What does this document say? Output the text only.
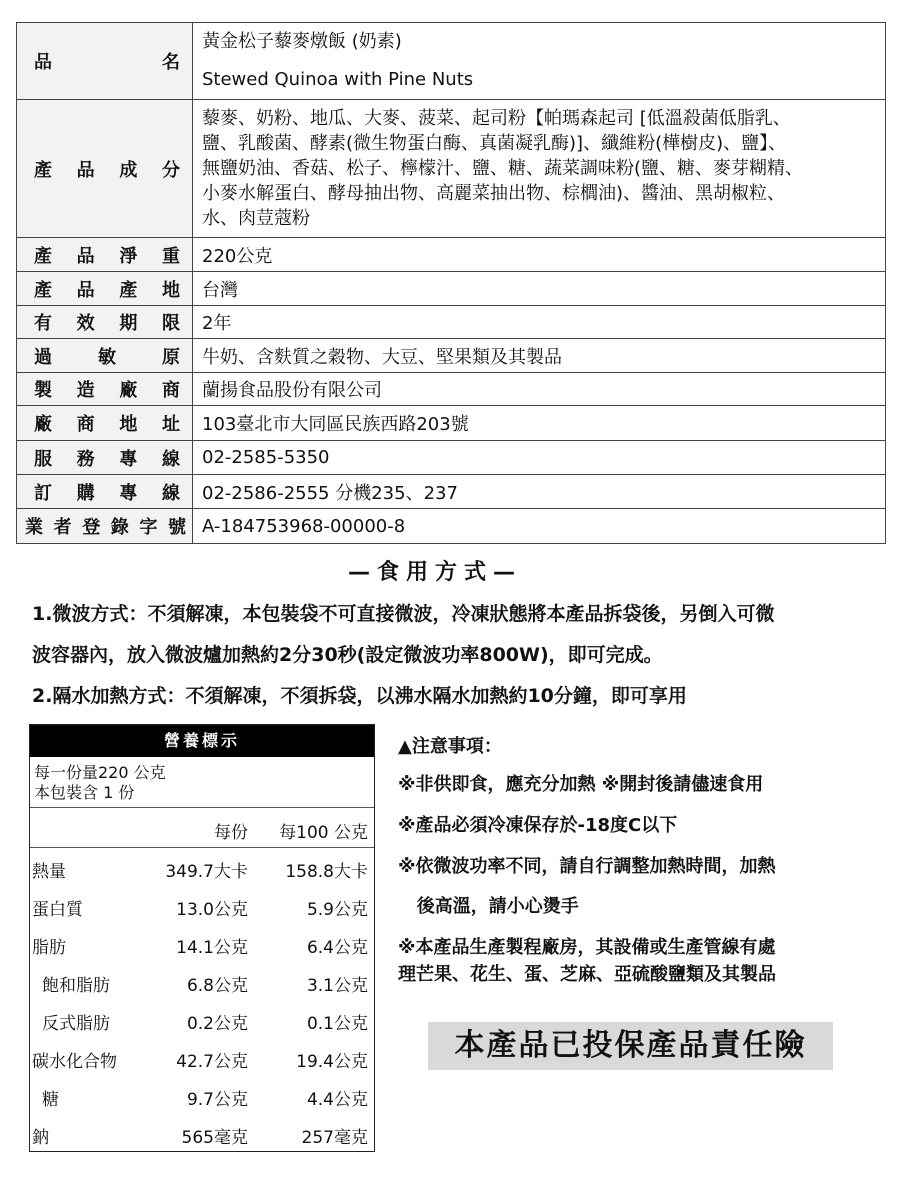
品名	黃金松子藜麥燉飯 (奶素)
Stewed Quinoa with Pine Nuts

產品成分	藜麥、奶粉、地瓜、大麥、菠菜、起司粉【帕瑪森起司 [低溫殺菌低脂乳、
鹽、乳酸菌、酵素(微生物蛋白酶、真菌凝乳酶)]、纖維粉(樺樹皮)、鹽】、
無鹽奶油、香菇、松子、檸檬汁、鹽、糖、蔬菜調味粉(鹽、糖、麥芽糊精、
小麥水解蛋白、酵母抽出物、高麗菜抽出物、棕櫚油)、醬油、黑胡椒粒、
水、肉荳蔻粉

產品淨重	220公克
產品產地	台灣
有效期限	2年
過敏原	牛奶、含麩質之穀物、大豆、堅果類及其製品
製造廠商	蘭揚食品股份有限公司
廠商地址	103臺北市大同區民族西路203號
服務專線	02-2585-5350
訂購專線	02-2586-2555 分機235、237
業者登錄字號	A-184753968-00000-8
—食用方式—
1.微波方式：不須解凍，本包裝袋不可直接微波，冷凍狀態將本產品拆袋後，另倒入可微
波容器內，放入微波爐加熱約2分30秒(設定微波功率800W)，即可完成。
2.隔水加熱方式：不須解凍，不須拆袋，以沸水隔水加熱約10分鐘，即可享用
營養標示
每一份量220 公克
本包裝含 1 份
每份 每100 公克
熱量	349.7大卡 158.8大卡
蛋白質	13.0公克	5.9公克
脂肪	14.1公克	6.4公克
飽和脂肪	6.8公克	3.1公克
反式脂肪	0.2公克	0.1公克
碳水化合物	42.7公克	19.4公克
糖	9.7公克	4.4公克
鈉	565毫克	257毫克
▲注意事項：
※非供即食，應充分加熱 ※開封後請儘速食用
※產品必須冷凍保存於-18度C以下
※依微波功率不同，請自行調整加熱時間，加熱
後高溫，請小心燙手
※本產品生產製程廠房，其設備或生產管線有處
理芒果、花生、蛋、芝麻、亞硫酸鹽類及其製品
本產品已投保產品責任險
